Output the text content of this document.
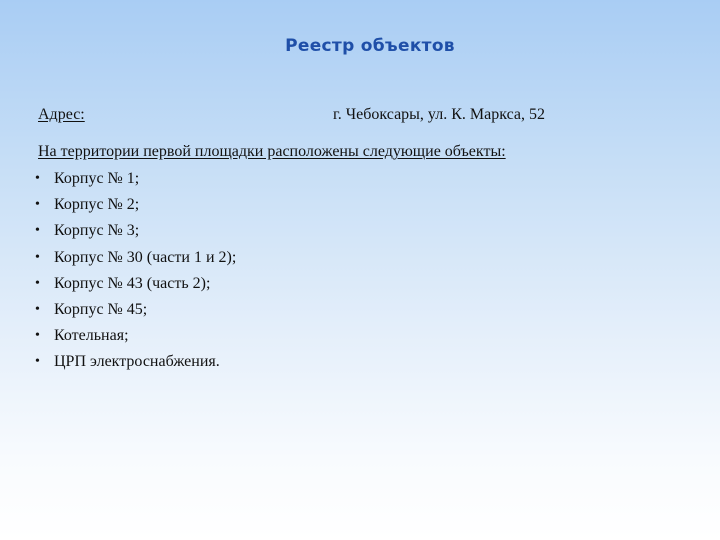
Реестр объектов
Адрес:	г. Чебоксары, ул. К. Маркса, 52
На территории первой площадки расположены следующие объекты:
• Корпус № 1;
• Корпус № 2;
• Корпус № 3;
• Корпус № 30 (части 1 и 2);
• Корпус № 43 (часть 2);
• Корпус № 45;
• Котельная;
• ЦРП электроснабжения.
